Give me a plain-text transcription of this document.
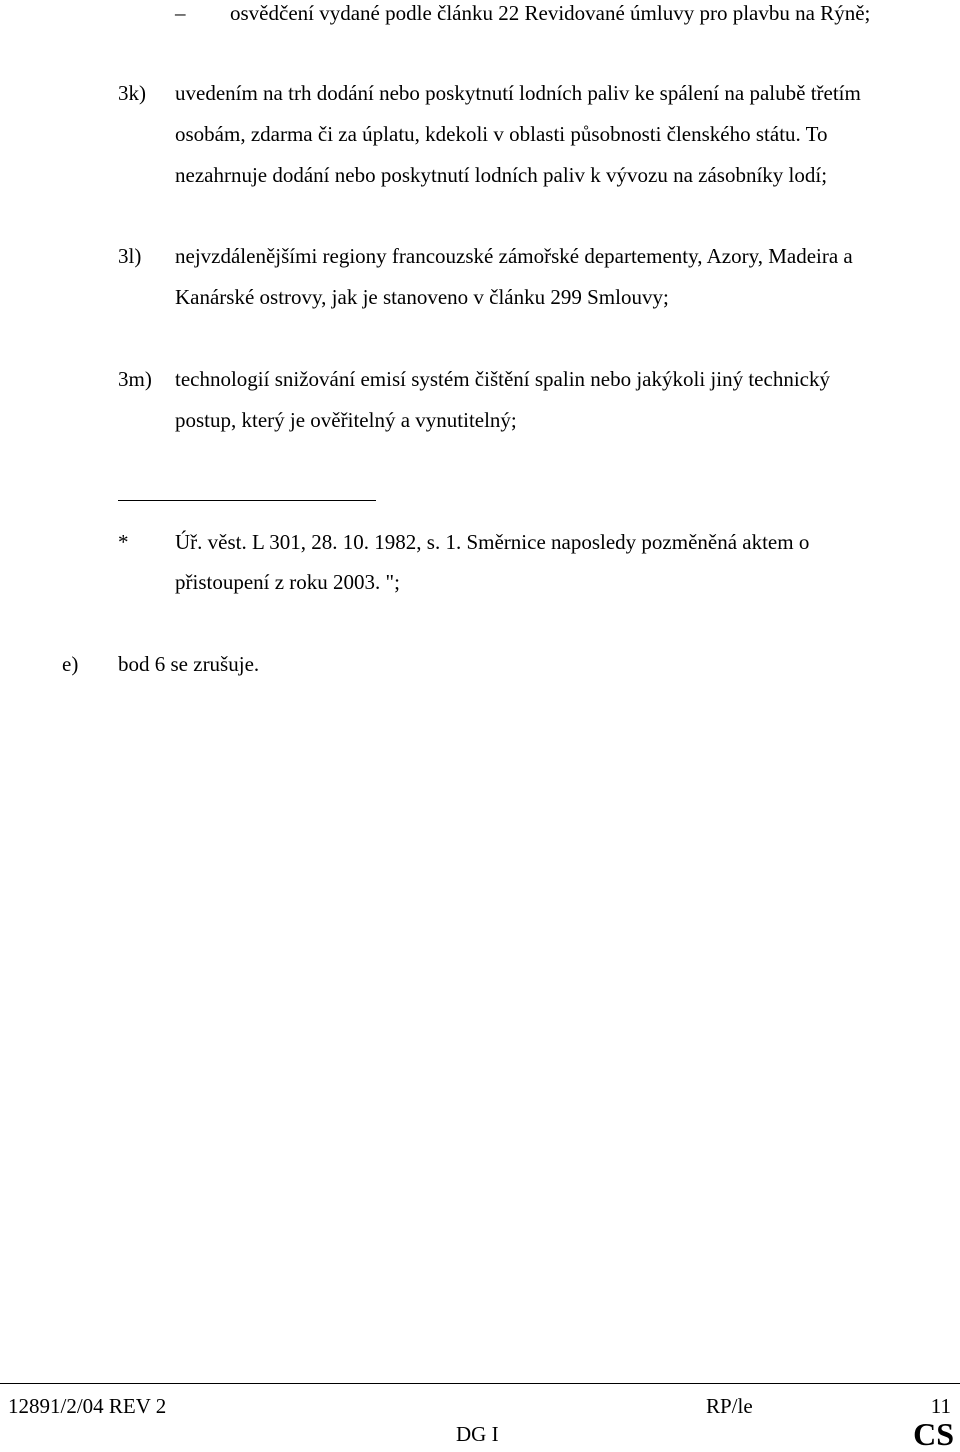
– osvědčení vydané podle článku 22 Revidované úmluvy pro plavbu na Rýně;
3k) uvedením na trh dodání nebo poskytnutí lodních paliv ke spálení na palubě třetím
osobám, zdarma či za úplatu, kdekoli v oblasti působnosti členského státu. To
nezahrnuje dodání nebo poskytnutí lodních paliv k vývozu na zásobníky lodí;
3l) nejvzdálenějšími regiony francouzské zámořské departementy, Azory, Madeira a
Kanárské ostrovy, jak je stanoveno v článku 299 Smlouvy;
3m) technologií snižování emisí systém čištění spalin nebo jakýkoli jiný technický
postup, který je ověřitelný a vynutitelný;
* Úř. věst. L 301, 28. 10. 1982, s. 1. Směrnice naposledy pozměněná aktem o
přistoupení z roku 2003. ";
e) bod 6 se zrušuje.
12891/2/04 REV 2	RP/le	11
DG I	CS
